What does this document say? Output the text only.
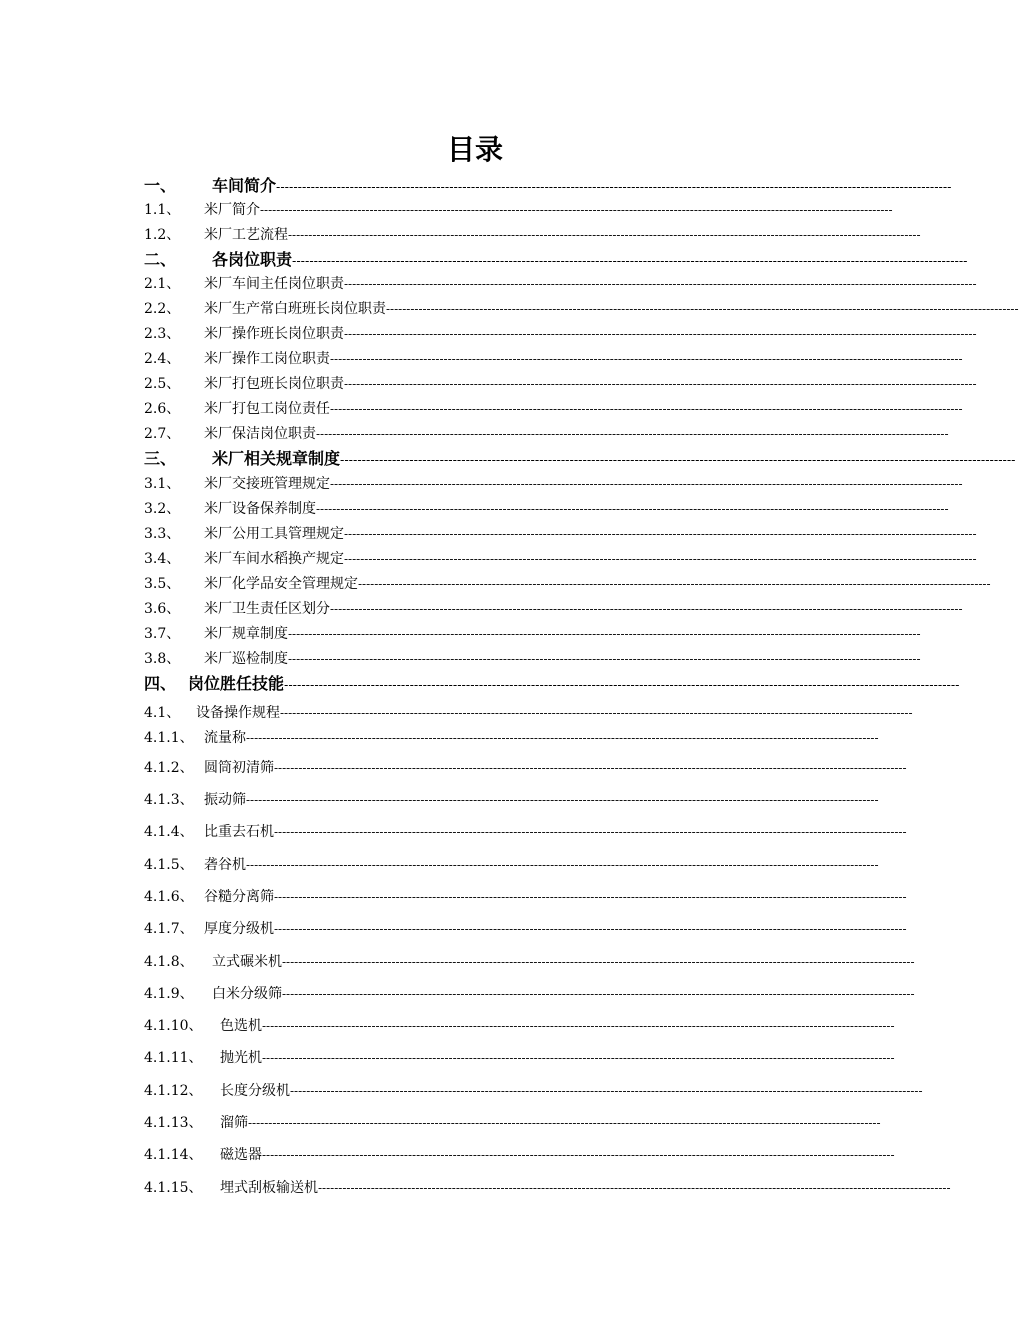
目录
一、	车间简介 ------------------------------------------------------------------------------------------------------------------------------------------------------------
1.1、	米厂简介 ------------------------------------------------------------------------------------------------------------------------------------------------------------
1.2、	米厂工艺流程 ------------------------------------------------------------------------------------------------------------------------------------------------------------
二、	各岗位职责 ------------------------------------------------------------------------------------------------------------------------------------------------------------
2.1、	米厂车间主任岗位职责 ------------------------------------------------------------------------------------------------------------------------------------------------------------
2.2、	米厂生产常白班班长岗位职责 ------------------------------------------------------------------------------------------------------------------------------------------------------------
2.3、	米厂操作班长岗位职责 ------------------------------------------------------------------------------------------------------------------------------------------------------------
2.4、	米厂操作工岗位职责 ------------------------------------------------------------------------------------------------------------------------------------------------------------
2.5、	米厂打包班长岗位职责 ------------------------------------------------------------------------------------------------------------------------------------------------------------
2.6、	米厂打包工岗位责任 ------------------------------------------------------------------------------------------------------------------------------------------------------------
2.7、	米厂保洁岗位职责 ------------------------------------------------------------------------------------------------------------------------------------------------------------
三、	米厂相关规章制度 ------------------------------------------------------------------------------------------------------------------------------------------------------------
3.1、	米厂交接班管理规定 ------------------------------------------------------------------------------------------------------------------------------------------------------------
3.2、	米厂设备保养制度 ------------------------------------------------------------------------------------------------------------------------------------------------------------
3.3、	米厂公用工具管理规定 ------------------------------------------------------------------------------------------------------------------------------------------------------------
3.4、	米厂车间水稻换产规定 ------------------------------------------------------------------------------------------------------------------------------------------------------------
3.5、	米厂化学品安全管理规定 ------------------------------------------------------------------------------------------------------------------------------------------------------------
3.6、	米厂卫生责任区划分 ------------------------------------------------------------------------------------------------------------------------------------------------------------
3.7、	米厂规章制度 ------------------------------------------------------------------------------------------------------------------------------------------------------------
3.8、	米厂巡检制度 ------------------------------------------------------------------------------------------------------------------------------------------------------------
四、 岗位胜任技能 ------------------------------------------------------------------------------------------------------------------------------------------------------------
4.1、	设备操作规程 ------------------------------------------------------------------------------------------------------------------------------------------------------------
4.1.1、 流量称 ------------------------------------------------------------------------------------------------------------------------------------------------------------
4.1.2、 圆筒初清筛 ------------------------------------------------------------------------------------------------------------------------------------------------------------
4.1.3、 振动筛 ------------------------------------------------------------------------------------------------------------------------------------------------------------
4.1.4、 比重去石机 ------------------------------------------------------------------------------------------------------------------------------------------------------------
4.1.5、 砻谷机 ------------------------------------------------------------------------------------------------------------------------------------------------------------
4.1.6、 谷糙分离筛 ------------------------------------------------------------------------------------------------------------------------------------------------------------
4.1.7、 厚度分级机 ------------------------------------------------------------------------------------------------------------------------------------------------------------
4.1.8、	立式碾米机 ------------------------------------------------------------------------------------------------------------------------------------------------------------
4.1.9、	白米分级筛 ------------------------------------------------------------------------------------------------------------------------------------------------------------
4.1.10、	色选机 ------------------------------------------------------------------------------------------------------------------------------------------------------------
4.1.11、	抛光机 ------------------------------------------------------------------------------------------------------------------------------------------------------------
4.1.12、	长度分级机 ------------------------------------------------------------------------------------------------------------------------------------------------------------
4.1.13、	溜筛 ------------------------------------------------------------------------------------------------------------------------------------------------------------
4.1.14、	磁选器 ------------------------------------------------------------------------------------------------------------------------------------------------------------
4.1.15、	埋式刮板输送机 ------------------------------------------------------------------------------------------------------------------------------------------------------------
